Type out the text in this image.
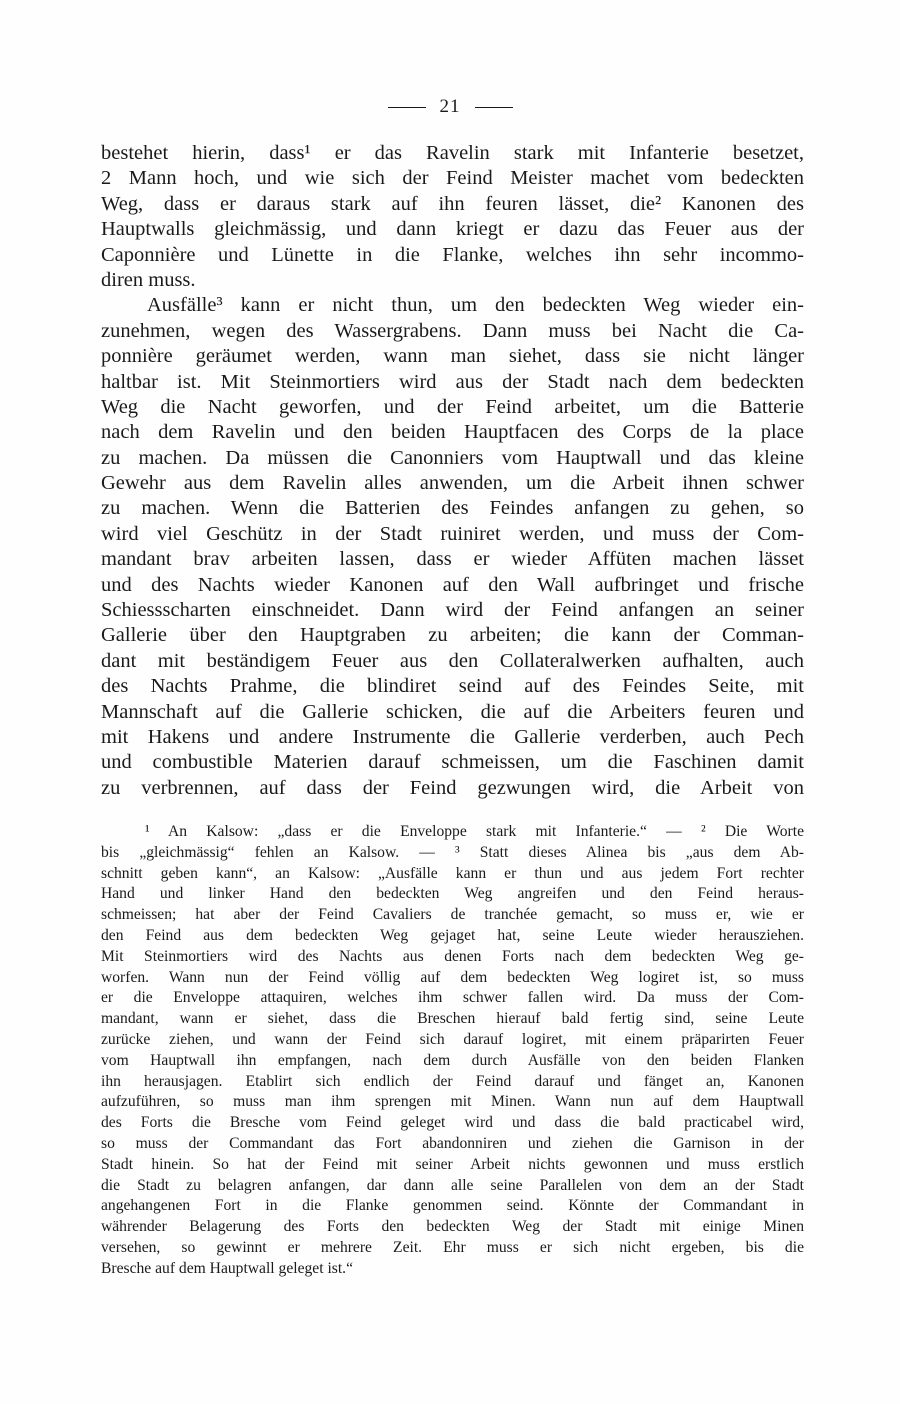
21
bestehet hierin, dass¹ er das Ravelin stark mit Infanterie besetzet,
2 Mann hoch, und wie sich der Feind Meister machet vom bedeckten
Weg, dass er daraus stark auf ihn feuren lässet, die² Kanonen des
Hauptwalls gleichmässig, und dann kriegt er dazu das Feuer aus der
Caponnière und Lünette in die Flanke, welches ihn sehr incommo-
diren muss.
Ausfälle³ kann er nicht thun, um den bedeckten Weg wieder ein-
zunehmen, wegen des Wassergrabens. Dann muss bei Nacht die Ca-
ponnière geräumet werden, wann man siehet, dass sie nicht länger
haltbar ist. Mit Steinmortiers wird aus der Stadt nach dem bedeckten
Weg die Nacht geworfen, und der Feind arbeitet, um die Batterie
nach dem Ravelin und den beiden Hauptfacen des Corps de la place
zu machen. Da müssen die Canonniers vom Hauptwall und das kleine
Gewehr aus dem Ravelin alles anwenden, um die Arbeit ihnen schwer
zu machen. Wenn die Batterien des Feindes anfangen zu gehen, so
wird viel Geschütz in der Stadt ruiniret werden, und muss der Com-
mandant brav arbeiten lassen, dass er wieder Affüten machen lässet
und des Nachts wieder Kanonen auf den Wall aufbringet und frische
Schiessscharten einschneidet. Dann wird der Feind anfangen an seiner
Gallerie über den Hauptgraben zu arbeiten; die kann der Comman-
dant mit beständigem Feuer aus den Collateralwerken aufhalten, auch
des Nachts Prahme, die blindiret seind auf des Feindes Seite, mit
Mannschaft auf die Gallerie schicken, die auf die Arbeiters feuren und
mit Hakens und andere Instrumente die Gallerie verderben, auch Pech
und combustible Materien darauf schmeissen, um die Faschinen damit
zu verbrennen, auf dass der Feind gezwungen wird, die Arbeit von
¹ An Kalsow: „dass er die Enveloppe stark mit Infanterie.“ — ² Die Worte
bis „gleichmässig“ fehlen an Kalsow. — ³ Statt dieses Alinea bis „aus dem Ab-
schnitt geben kann“, an Kalsow: „Ausfälle kann er thun und aus jedem Fort rechter
Hand und linker Hand den bedeckten Weg angreifen und den Feind heraus-
schmeissen; hat aber der Feind Cavaliers de tranchée gemacht, so muss er, wie er
den Feind aus dem bedeckten Weg gejaget hat, seine Leute wieder herausziehen.
Mit Steinmortiers wird des Nachts aus denen Forts nach dem bedeckten Weg ge-
worfen. Wann nun der Feind völlig auf dem bedeckten Weg logiret ist, so muss
er die Enveloppe attaquiren, welches ihm schwer fallen wird. Da muss der Com-
mandant, wann er siehet, dass die Breschen hierauf bald fertig sind, seine Leute
zurücke ziehen, und wann der Feind sich darauf logiret, mit einem präparirten Feuer
vom Hauptwall ihn empfangen, nach dem durch Ausfälle von den beiden Flanken
ihn herausjagen. Etablirt sich endlich der Feind darauf und fänget an, Kanonen
aufzuführen, so muss man ihm sprengen mit Minen. Wann nun auf dem Hauptwall
des Forts die Bresche vom Feind geleget wird und dass die bald practicabel wird,
so muss der Commandant das Fort abandonniren und ziehen die Garnison in der
Stadt hinein. So hat der Feind mit seiner Arbeit nichts gewonnen und muss erstlich
die Stadt zu belagren anfangen, dar dann alle seine Parallelen von dem an der Stadt
angehangenen Fort in die Flanke genommen seind. Könnte der Commandant in
währender Belagerung des Forts den bedeckten Weg der Stadt mit einige Minen
versehen, so gewinnt er mehrere Zeit. Ehr muss er sich nicht ergeben, bis die
Bresche auf dem Hauptwall geleget ist.“
